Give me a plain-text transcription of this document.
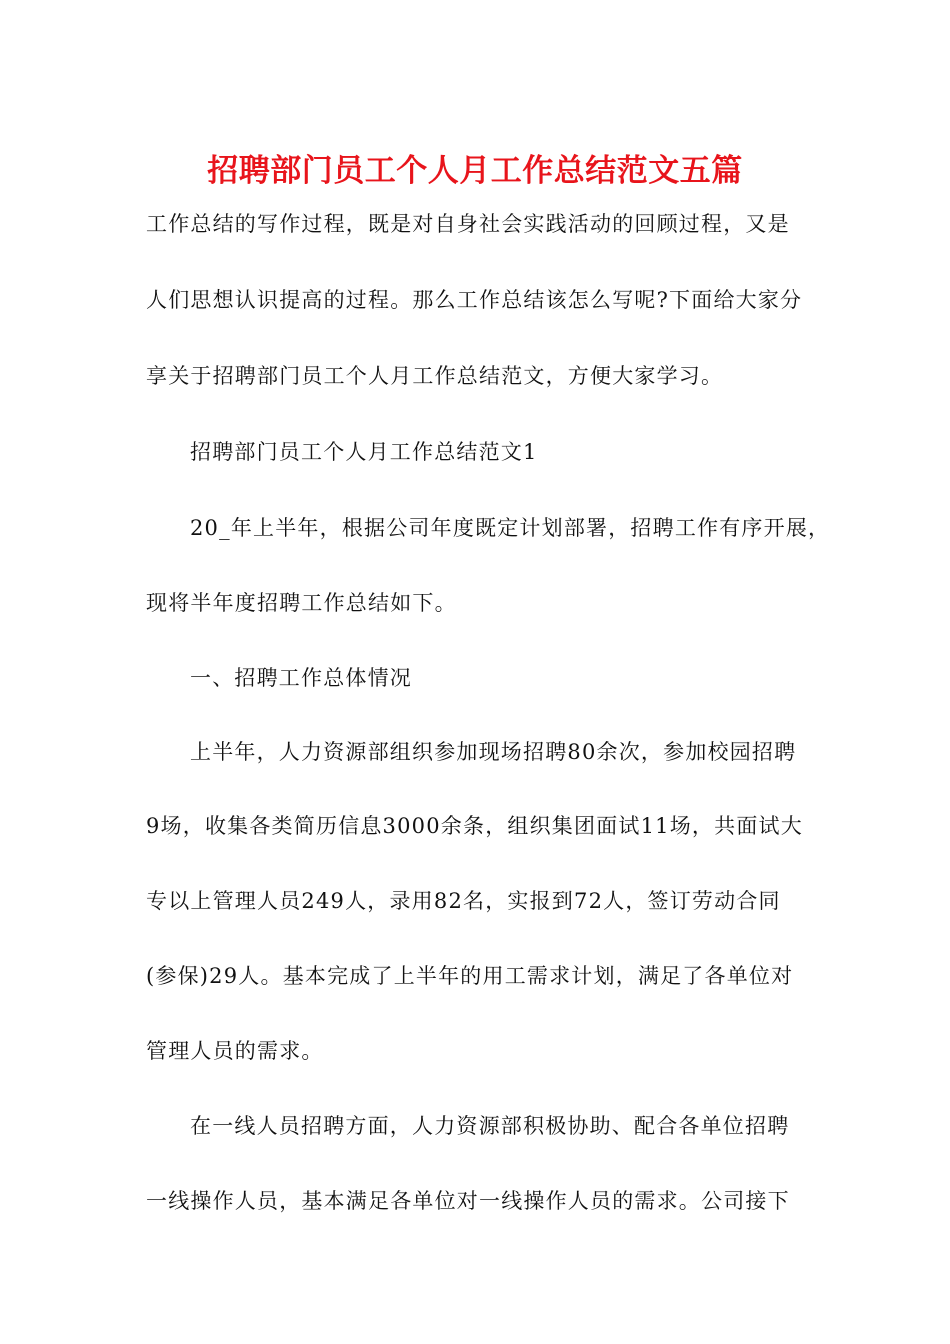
招聘部门员工个人月工作总结范文五篇

工作总结的写作过程，既是对自身社会实践活动的回顾过程，又是

人们思想认识提高的过程。那么工作总结该怎么写呢?下面给大家分

享关于招聘部门员工个人月工作总结范文，方便大家学习。

招聘部门员工个人月工作总结范文1

20_年上半年，根据公司年度既定计划部署，招聘工作有序开展，

现将半年度招聘工作总结如下。

一、招聘工作总体情况

上半年，人力资源部组织参加现场招聘80余次，参加校园招聘

9场，收集各类简历信息3000余条，组织集团面试11场，共面试大

专以上管理人员249人，录用82名，实报到72人，签订劳动合同

(参保)29人。基本完成了上半年的用工需求计划，满足了各单位对

管理人员的需求。

在一线人员招聘方面，人力资源部积极协助、配合各单位招聘

一线操作人员，基本满足各单位对一线操作人员的需求。公司接下
